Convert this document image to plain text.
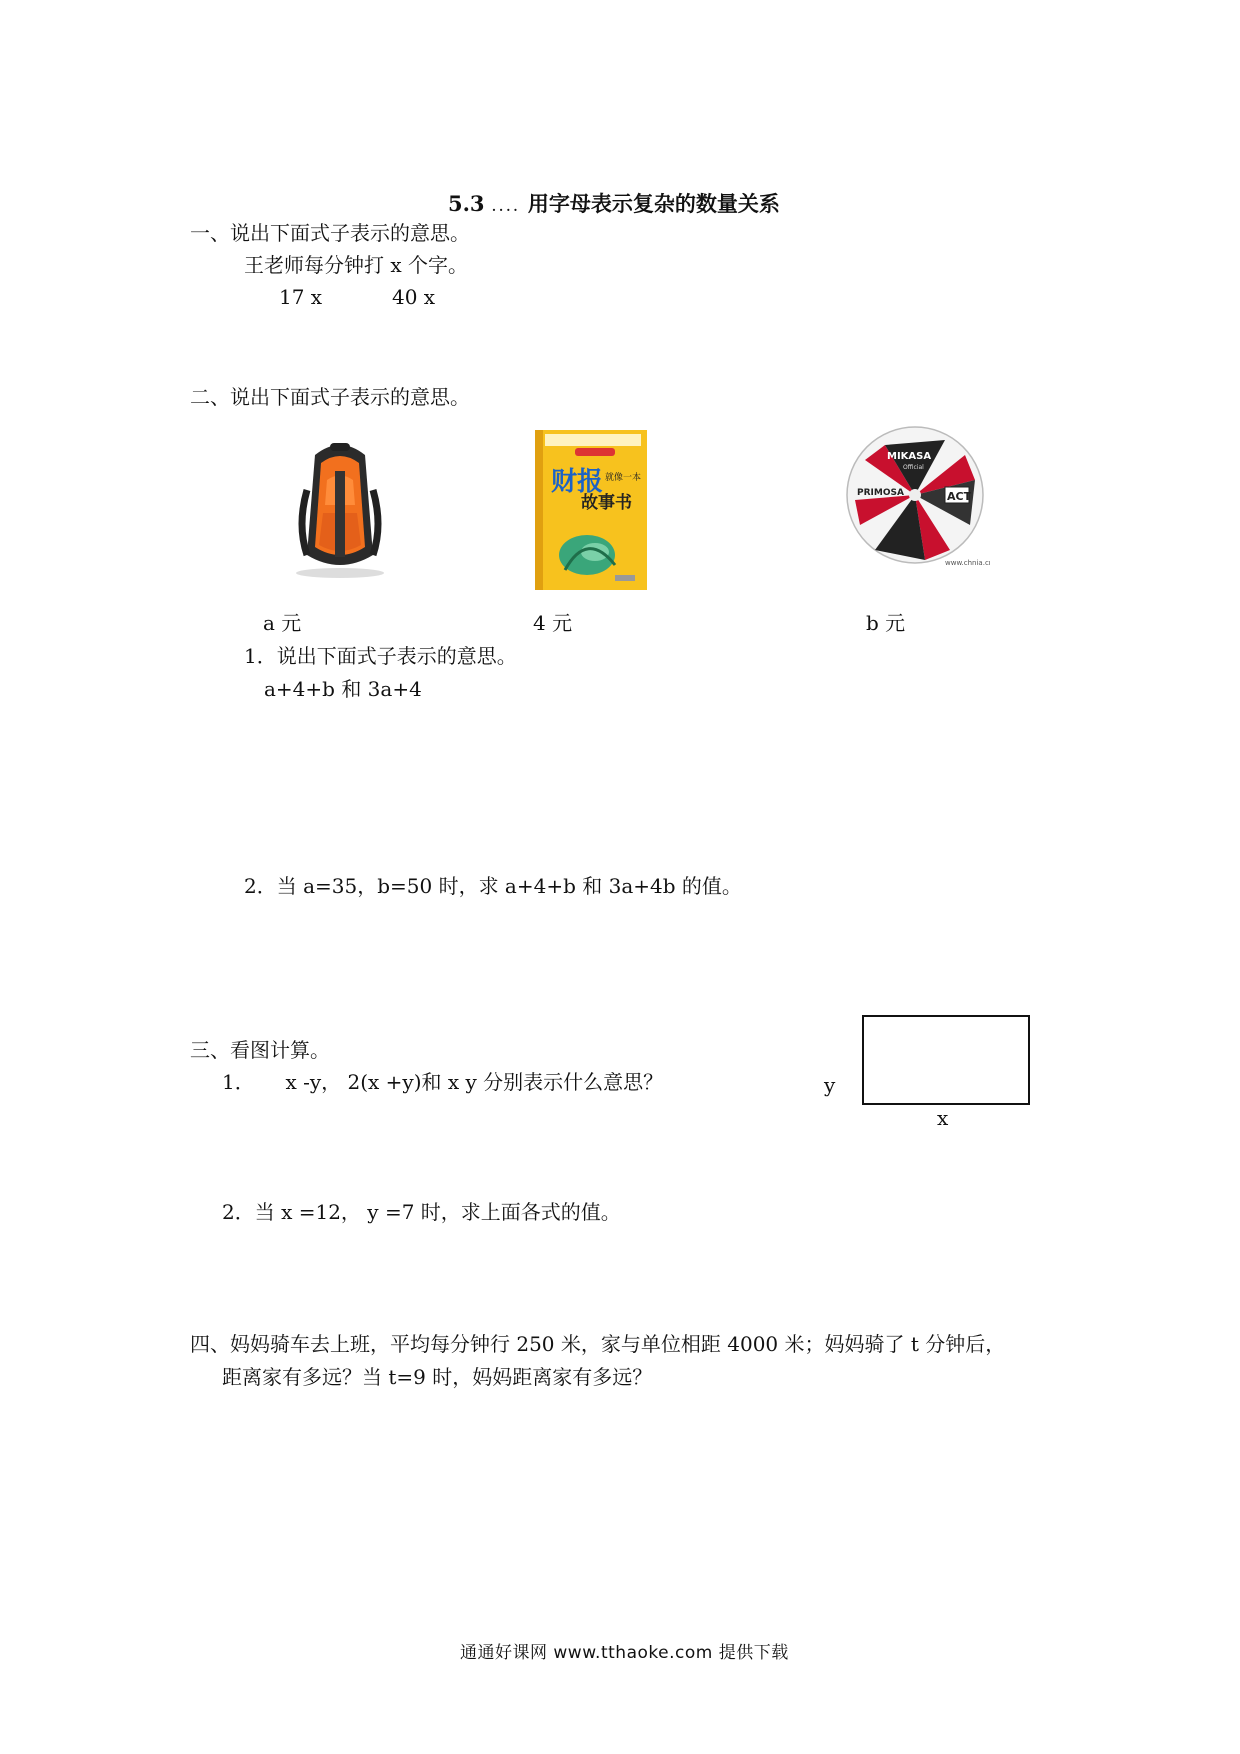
5.3 .... 用字母表示复杂的数量关系
一、说出下面式子表示的意思。
王老师每分钟打 x 个字。
17 x	40 x
二、说出下面式子表示的意思。
财报 就像一本
故事书
MIKASA
Official
PRIMOSA	ACT
www.chnia.cn
a 元	4 元	b 元
1．说出下面式子表示的意思。
a+4+b 和 3a+4
2．当 a=35，b=50 时，求 a+4+b 和 3a+4b 的值。
三、看图计算。
1． x -y， 2(x +y)和 x y 分别表示什么意思？
2．当 x =12， y =7 时，求上面各式的值。
y
x
四、妈妈骑车去上班，平均每分钟行 250 米，家与单位相距 4000 米；妈妈骑了 t 分钟后，
距离家有多远？当 t=9 时，妈妈距离家有多远？
通通好课网 www.tthaoke.com 提供下载
